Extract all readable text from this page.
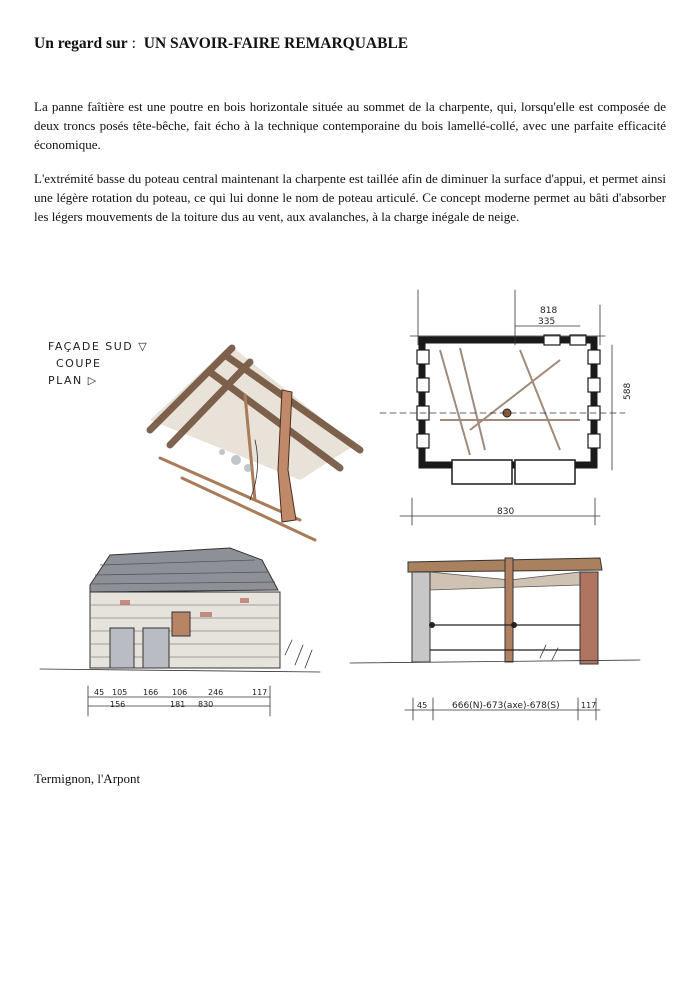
Un regard sur : UN SAVOIR-FAIRE REMARQUABLE

La panne faîtière est une poutre en bois horizontale située au sommet de la charpente, qui, lorsqu'elle est composée de deux troncs posés tête-bêche, fait écho à la technique contemporaine du bois lamellé-collé, avec une parfaite efficacité économique.

L'extrémité basse du poteau central maintenant la charpente est taillée afin de diminuer la surface d'appui, et permet ainsi une légère rotation du poteau, ce qui lui donne le nom de poteau articulé. Ce concept moderne permet au bâti d'absorber les légers mouvements de la toiture dus au vent, aux avalanches, à la charge inégale de neige.

FAÇADE SUD ▽
COUPE
PLAN ▷
818
335
588
830
45 105 166 106	246	117
156	181 830	45	666(N)-673(axe)-678(S)	117
Termignon, l'Arpont
